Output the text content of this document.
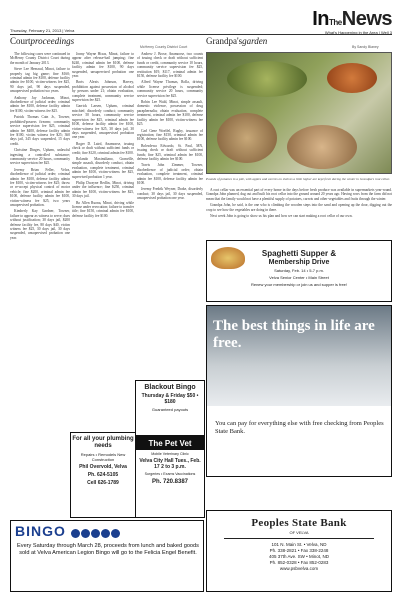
Thursday, February 21, 2013 | Velva
InTheNews
What's Happening in the Area | Well 3
Courtproceedings
McHenry County District Court

The following cases were continued in McHenry County District Court during the month of January 2013.

Steve Lee Hensrud, Minot, failure to properly tag big game; fine $160; criminal admin fee $100, defense facility admin fee $100, victim-witness fee $25, 90 days jail, 90 days suspended, unsupervised probation two years.

Anthony Jay Jackman, Minot, disobedience of judicial order; criminal admin fee $100, defense facility admin fee $100, victim-witness fee $25.

Patrick Thomas Cain Jr., Towner, prohibited/possess firearm; community service supervision fee $25, criminal admin fee $400, defense facility admin fee $100, victim witness fee $25; 360 days jail, 345 days suspended, 15 days credit.

Christine Dinges, Upham, unlawful ingesting a controlled substance; community service 20 hours, community service supervision fee $25.

Jeremy Brian Feller, Velva, disobedience of judicial order; criminal admin fee $100, defense facility admin fee $100, victim-witness fee $25; throw or re-accept physical control of motor vehicle; fine $200, criminal admin fee $100, defense facility admin fee $100, victim-witness fee $25, two years unsupervised probation.

Kimberly Kay Gardner, Towner, failure to appear as witness to serve; dues without justification; 30 days jail, $200 defense facility fee, 80 days $40, victim witness fee $25, 30 days jail, 30 days suspended, unsupervised probation one year.

Jonny Wayne Hixas, Minot, failure to appear after release-bail jumping; fine $240, criminal admin fee $100, defense facility admin fee $100, 90 days suspended, unsupervised probation one year.

Boris Alexis Johnson, Harvey, prohibition against possession of alcohol by persons under 21; obtain evaluation, complete treatment, community service supervision fee $25.

Garrick Larsen, Upham, criminal mischief; disorderly conduct; community service 50 hours, community service supervision fee $25, criminal admin fee $100, defense facility admin fee $100, victim-witness fee $25, 30 days jail, 30 days suspended, unsupervised probation one year.

Roger D. Laird, Anamoose, issuing check or draft without sufficient funds or credit; fine $120, criminal admin fee $100.

Rolando Maximiliano, Granville, simple assault, disorderly conduct, obtain evaluation, complete treatment, criminal admin fee $100, victim-witness fee $25, supervised probation 1 year.

Philip Dwayne Redlin, Minot, driving under the influence; fine $250, criminal admin fee $100, victim-witness fee $25, 30 days jail.

Bo Allen Ruona, Minot, driving while license under revocation; failure to transfer title; fine $150, criminal admin fee $100, defense facility fee $100.

Andrew J. Brose, Anamoose, two counts of issuing check or draft without sufficient funds or credit, community service 10 hours, community service supervision fee $25, restitution $19, $117, criminal admin fee $150, defense facility fee $100.

Alfred Wayne Thomas, Rolla, driving while license privilege is suspended; community service 20 hours, community service supervision fee $25.

Robin Lee Wald, Minot, simple assault, domestic violence, possession of drug paraphernalia; obtain evaluation, complete treatment, criminal admin fee $100, defense facility admin fee $100, victim-witness fee $25.

Carl Gene Woelfel, Rugby, issuance of registration; fine $150, criminal admin fee $100, defense facility admin fee $100.

Bolesdewa Edwardo, St. Paul, MN, issuing check or draft without sufficient funds; fine $25, criminal admin fee $100, defense facility admin fee $100.

Travis John Zimmer, Towner, disobedience of judicial order; obtain evaluation, complete treatment, criminal admin fee $100, defense facility admin fee $100.

Jeremy Fredrik Weyner, Drake, disorderly conduct; 30 days jail, 30 days suspended, unsupervised probation one year.

Grandpa'sgarden
By Sandy Blaney
Pounds of potatoes in a pile, with apples and carrots on shelves a little higher are kept fresh during the winter in Grandpa's root cellar.

A root cellar was an essential part of every home in the days before fresh produce was available in supermarkets year-round. Grandpa John planned, dug out and built his root cellar into the ground around 20 years ago. Having rows from the farm did not mean that the family would not have a plentiful supply of potatoes, carrots and other vegetables and fruits through the winter.

Grandpa John, he said, is the one who is climbing the wooden steps into the sand and opening up the door, digging out the crop to see how the vegetables are doing in there.

Next week John is going to show us his plan and how we can start making a root cellar of our own.

Spaghetti Supper &
Membership Drive
Saturday, Feb. 14 • 5-7 p.m.
Velva Senior Center • Main Street
Renew your membership or join us and supper is free!
The best things in life are free.
You can pay for everything else with free checking from Peoples State Bank.
Peoples State Bank
OF VELVA
101 N. Main St. • Velva, ND
Ph. 338-2821 • Fax 338-2248
405 37th Ave. SW • Minot, ND
Ph. 852-0328 • Fax 852-0283
www.psbvelva.com
Blackout Bingo
Thursday & Friday $50 • $180
Guaranteed payouts
For all your plumbing needs
Repairs • Remodels New Construction
Phil Overvold, Velva
Ph. 624-5105
Cell 626-1789
The Pet Vet
Mobile Veterinary Clinic
Velva City Hall Tues., Feb. 17 2 to 3 p.m.
Surgeries • Exams Vaccinations
Ph. 720.8387
BINGO
Every Saturday through March 28, proceeds from lunch and baked goods sold at Velva American Legion Bingo will go to the Felicia Engel Benefit.
